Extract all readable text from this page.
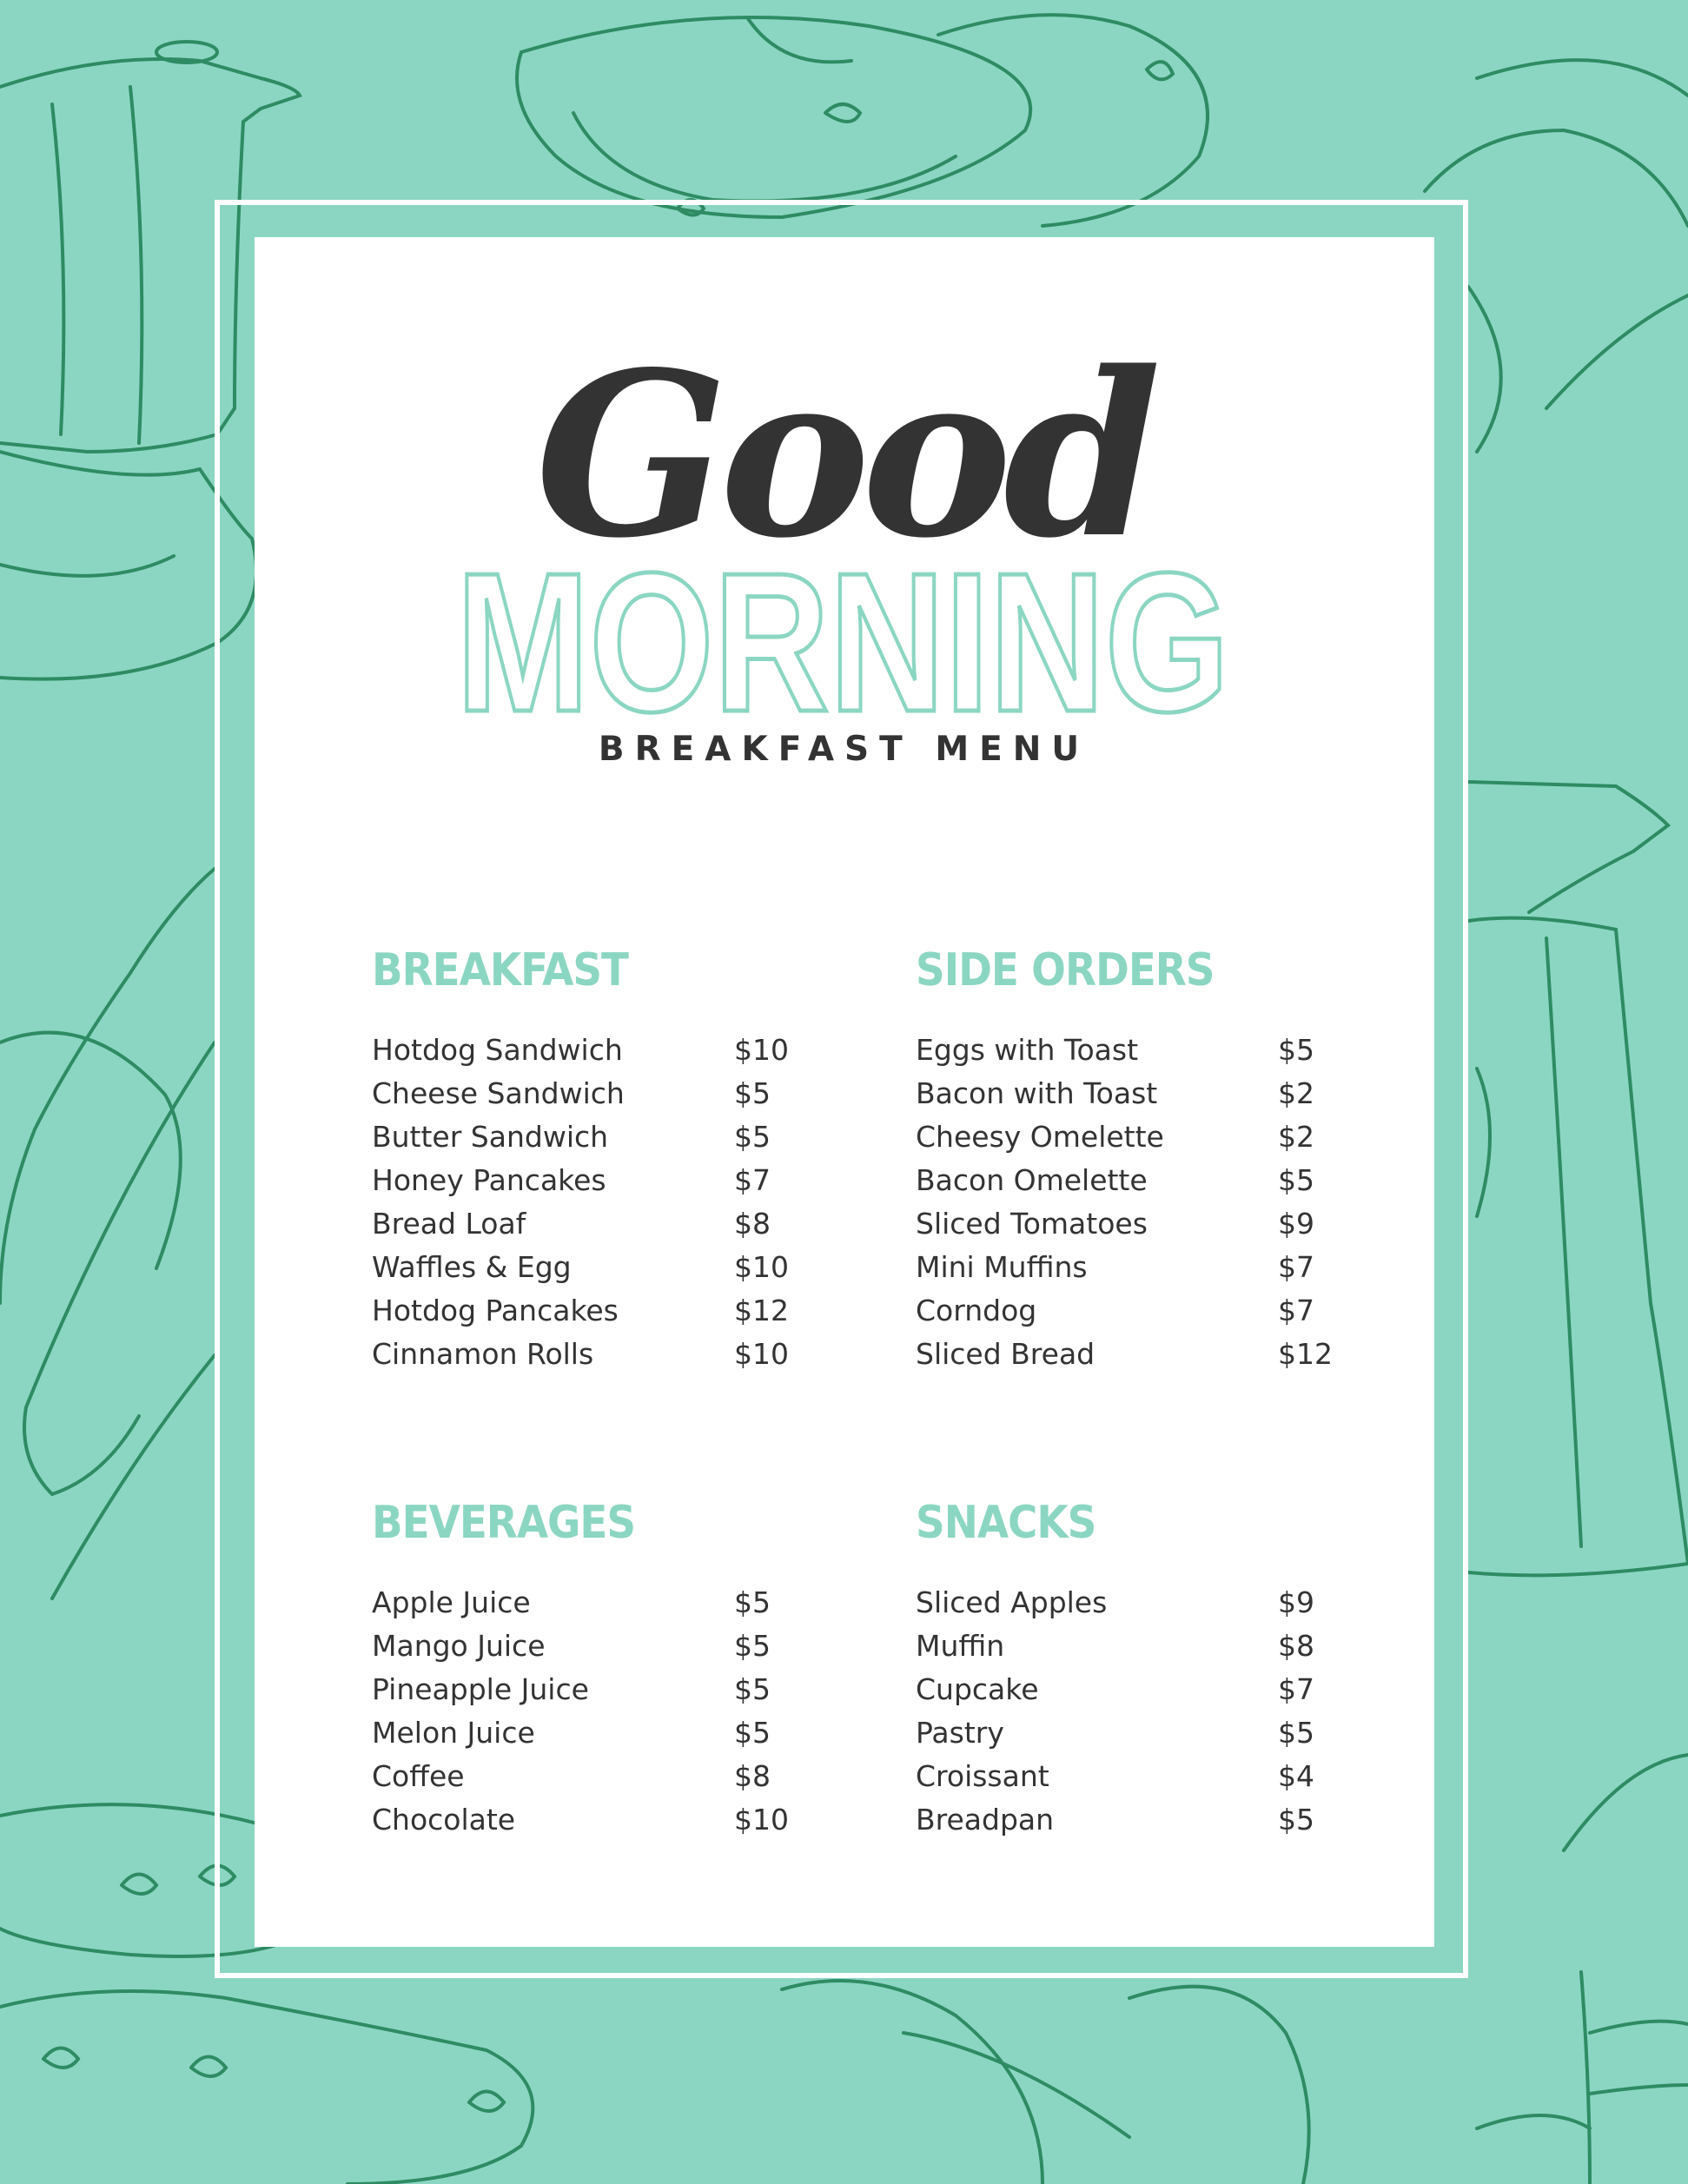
Good
MORNING
BREAKFAST MENU
BREAKFAST
Hotdog Sandwich	$10
Cheese Sandwich	$5
Butter Sandwich	$5
Honey Pancakes	$7
Bread Loaf	$8
Waffles & Egg	$10
Hotdog Pancakes	$12
Cinnamon Rolls	$10
SIDE ORDERS
Eggs with Toast	$5
Bacon with Toast	$2
Cheesy Omelette	$2
Bacon Omelette	$5
Sliced Tomatoes	$9
Mini Muffins	$7
Corndog	$7
Sliced Bread	$12
BEVERAGES
Apple Juice	$5
Mango Juice	$5
Pineapple Juice	$5
Melon Juice	$5
Coffee	$8
Chocolate	$10
SNACKS
Sliced Apples	$9
Muffin	$8
Cupcake	$7
Pastry	$5
Croissant	$4
Breadpan	$5
